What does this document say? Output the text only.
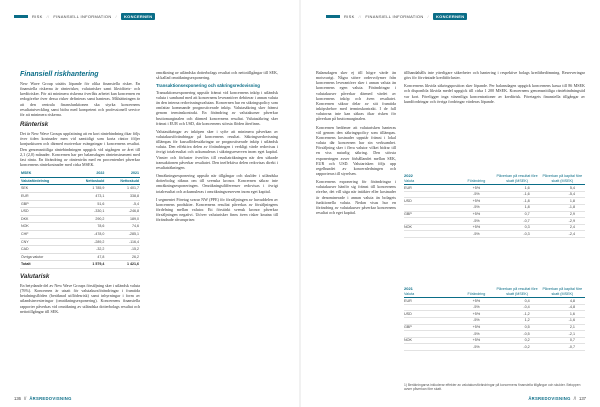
RISK // FINANSIELL INFORMATION /	KONCERNEN
Finansiell riskhantering

New Wave Group utsätts löpande för olika finansiella risker. En finansiella riskerna är ränterisker, valutarisker samt likviditets- och kreditrisker. För att minimera riskerna överlåts arbetet kan koncernen en redogörelse över dessa risker definieras samt hanteras. Målsättningen är att den centrala finansfunktionen ska styrka koncernens resultatutveckling samt bidra med kompetent och professionell service för att minimera riskerna.

Ränterisk

Det är New Wave Groups uppfattning att en kort räntebindning ökar följs över tiden kostnader men vid samtidigt som korta räntor följer konjunkturen och därmed motverkar svängningar i koncernens resultat. Den genomsnittliga räntebindningen uppgick vid utgången av året till 2,1 (2,0) månader. Koncernen har per balansdagen ränteinstrument med fast ränta. En förändring av räntenivån med en procentenhet påverkar koncernens räntekostnader med cirka MSEK.

MSEK	2022	2021
Valutafördelning	Nettoskuld	Nettoskuld
SEK	1 785,9	1 401,7
EUR	473,1	338,8
GBP	51,6	-5,4
USD	-330,1	-246,8
DKK	290,2	189,0
NOK	78,6	74,6
CHF	-478,0	-285,1
CNY	-289,2	-116,4
CAD	-32,2	-15,2
Övriga valutor	47,8	26,2
Totalt	1 579,4	1 421,6
Valutarisk

En betydande del av New Wave Groups försäljning sker i utländsk valuta (76%). Koncernen är utsatt för valutakursförändringar i framtida betalningsflöden (beräknad utflödesrisk) samt inhyrningar i form av utlandsinvesteringar (omräkningsexponering). Koncernens finansiella rapporter påverkas vid omräkning av utländska dotterbolags resultat och nettotillgångar till SEK.

omräkning av utländska dotterbolags resultat och nettotillgångar till SEK, så kallad omräkningsexponering.

Transaktionsexponering och säkringsredovisning

Transaktionsexponering uppstår främst vid koncernens inköp i utländsk valuta i samband med att koncernens leverantörer debiterar i annan valuta än den interna redovisningsvalutan. Koncernen har en säkringspolicy som omfattar kommande prognosticerade inköp. Valutasäkring sker främst genom terminskontrakt. En förändring av valutakurser påverkar bruttomarginalen och därmed koncernens resultat. Valutasäkring sker främst i EUR och USD, där koncernens största flöden återfinns.

Valutasäkringar av inköpen sker i syfte att minimera påverkan av valutakursförändringar på koncernens resultat. Säkringsredovisning tillämpas för kassaflödessäkringar av prognostiserade inköp i utländsk valuta. Den effektiva delen av förändringen i verkligt värde redovisas i övrigt totalresultat och ackumuleras i säkringsreserven inom eget kapital. Vinster och förluster överförs till resultaträkningen när den säkrade transaktionen påverkar resultatet. Den ineffektiva delen redovisas direkt i resultaträkningen.

Omräkningsexponering uppstår när tillgångar och skulder i utländska dotterbolag räknas om till svenska kronor. Koncernen säkrar inte omräkningsexponeringen. Omräkningsdifferenser redovisas i övrigt totalresultat och ackumuleras i omräkningsreserven inom eget kapital.

I segmentet Företag svarar NW (PPE) för försäljningen av huvuddelen av koncernens produkter. Koncernens resultat påverkas av försäljningens fördelning mellan valutor. Ett förstärkt svensk kronor påverkar försäljningen negativt. Utöver valutarisker finns även risker knutna till förändrade råvarupriser.

136 // ÅRSREDOVISNING
RISK // FINANSIELL INFORMATION /	KONCERNEN

Balansdagen sker ej till högre värde än motsvarigt. Några större ordervolymer från koncernens leverantörer sker i annan valuta än koncernens egen valuta. Förändringar i valutakurser påverkar därmed värdet av koncernens inköp och även resultatet. Koncernen säkrar delar av sitt framtida inköpsbehov med terminskontrakt. I de fall valutorna inte kan säkras ökar risken för påverkan på bruttomarginalen.

Koncernen bedömer att valutarisken hanteras väl genom den säkringspolicy som tillämpas. Koncernens kostnader uppstår främst i lokal valuta där koncernen har sin verksamhet. Försäljning sker i flera valutor vilket bidrar till en viss naturlig säkring. Den största exponeringen avser förhållandet mellan SEK, EUR och USD. Valutarisken följs upp regelbundet av koncernledningen och rapporteras till styrelsen.

Koncernens exponering för förändringar i valutakurser hänför sig främst till koncernens rörelse, det vill säga när intäkter eller kostnader är denominerade i annan valuta än bolagets funktionella valuta. Nedan visas hur en förändring av valutakurser påverkar koncernens resultat och eget kapital.

tillhandahålls inte ytterligare säkerheter och hantering i respektive bolags kreditbedömning. Reserveringar görs för förväntade kreditförluster.

Koncernens likvida säkringsposition sker löpande. Per balansdagen uppgick koncernens kassa till 86 MSEK och disponibla likvida medel uppgick till cirka 1 200 MSEK. Koncernens genomsnittliga räntebindningstid var kort. Föreligger inga väsentliga koncentrationer av kreditrisk. Företagets finansiella tillgångar av kundfordringar och övriga fordringar värderas löpande.

2022
Valuta	Förändring	Påverkan på resultat före skatt (MSEK)	Påverkan på kapital före skatt (MSEK)
EUR	+5%	1,6	5,4
	-5%	-1,6	-5,4
USD	+5%	-1,8	1,8
	-5%	1,8	-1,8
GBP	+5%	0,7	2,9
	-5%	-0,7	-2,9
NOK	+5%	0,3	2,4
	-5%	-0,3	-2,4
2021
Valuta	Förändring	Påverkan på resultat före skatt (MSEK)	Påverkan på kapital före skatt (MSEK)
EUR	+5%	0,4	4,8
	-5%	-0,4	-4,8
USD	+5%	-1,2	1,6
	-5%	1,2	-1,6
GBP	+5%	0,5	2,1
	-5%	-0,5	-2,1
NOK	+5%	0,2	0,7
	-5%	-0,2	-0,7
1) Beräkningarna inkluderar effekter av valutakursförändringar på koncernens finansiella tillgångar och skulder. Beloppen avser påverkan före skatt.
ÅRSREDOVISNING // 137
